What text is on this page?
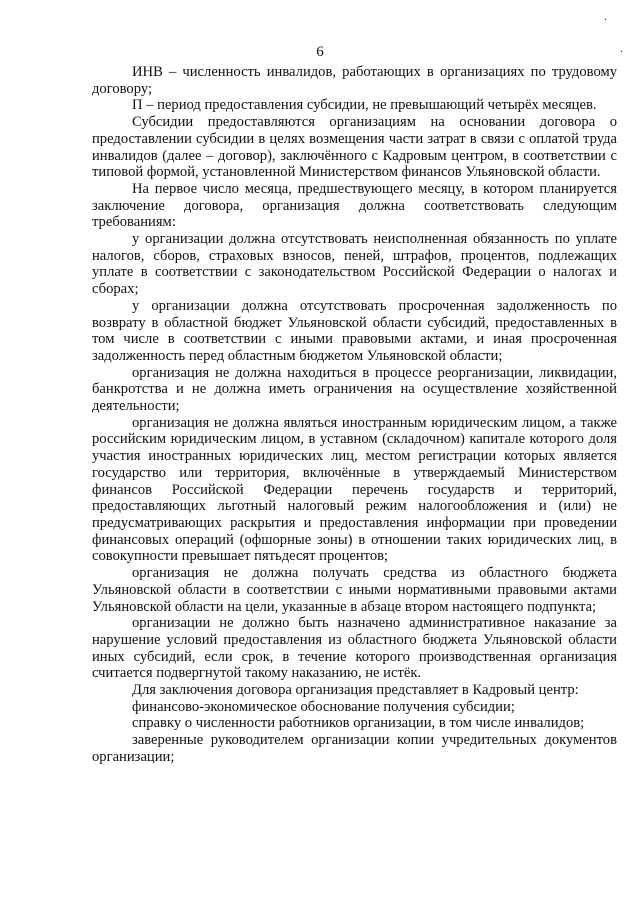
.
.
6

ИНВ – численность инвалидов, работающих в организациях по трудовому договору;

П – период предоставления субсидии, не превышающий четырёх месяцев.

Субсидии предоставляются организациям на основании договора о предоставлении субсидии в целях возмещения части затрат в связи с оплатой труда инвалидов (далее – договор), заключённого с Кадровым центром, в соответствии с типовой формой, установленной Министерством финансов Ульяновской области.

На первое число месяца, предшествующего месяцу, в котором планируется заключение договора, организация должна соответствовать следующим требованиям:

у организации должна отсутствовать неисполненная обязанность по уплате налогов, сборов, страховых взносов, пеней, штрафов, процентов, подлежащих уплате в соответствии с законодательством Российской Федерации о налогах и сборах;

у организации должна отсутствовать просроченная задолженность по возврату в областной бюджет Ульяновской области субсидий, предоставленных в том числе в соответствии с иными правовыми актами, и иная просроченная задолженность перед областным бюджетом Ульяновской области;

организация не должна находиться в процессе реорганизации, ликвидации, банкротства и не должна иметь ограничения на осуществление хозяйственной деятельности;

организация не должна являться иностранным юридическим лицом, а также российским юридическим лицом, в уставном (складочном) капитале которого доля участия иностранных юридических лиц, местом регистрации которых является государство или территория, включённые в утверждаемый Министерством финансов Российской Федерации перечень государств и территорий, предоставляющих льготный налоговый режим налогообложения и (или) не предусматривающих раскрытия и предоставления информации при проведении финансовых операций (офшорные зоны) в отношении таких юридических лиц, в совокупности превышает пятьдесят процентов;

организация не должна получать средства из областного бюджета Ульяновской области в соответствии с иными нормативными правовыми актами Ульяновской области на цели, указанные в абзаце втором настоящего подпункта;

организации не должно быть назначено административное наказание за нарушение условий предоставления из областного бюджета Ульяновской области иных субсидий, если срок, в течение которого производственная организация считается подвергнутой такому наказанию, не истёк.

Для заключения договора организация представляет в Кадровый центр:

финансово-экономическое обоснование получения субсидии;

справку о численности работников организации, в том числе инвалидов;

заверенные руководителем организации копии учредительных документов организации;
